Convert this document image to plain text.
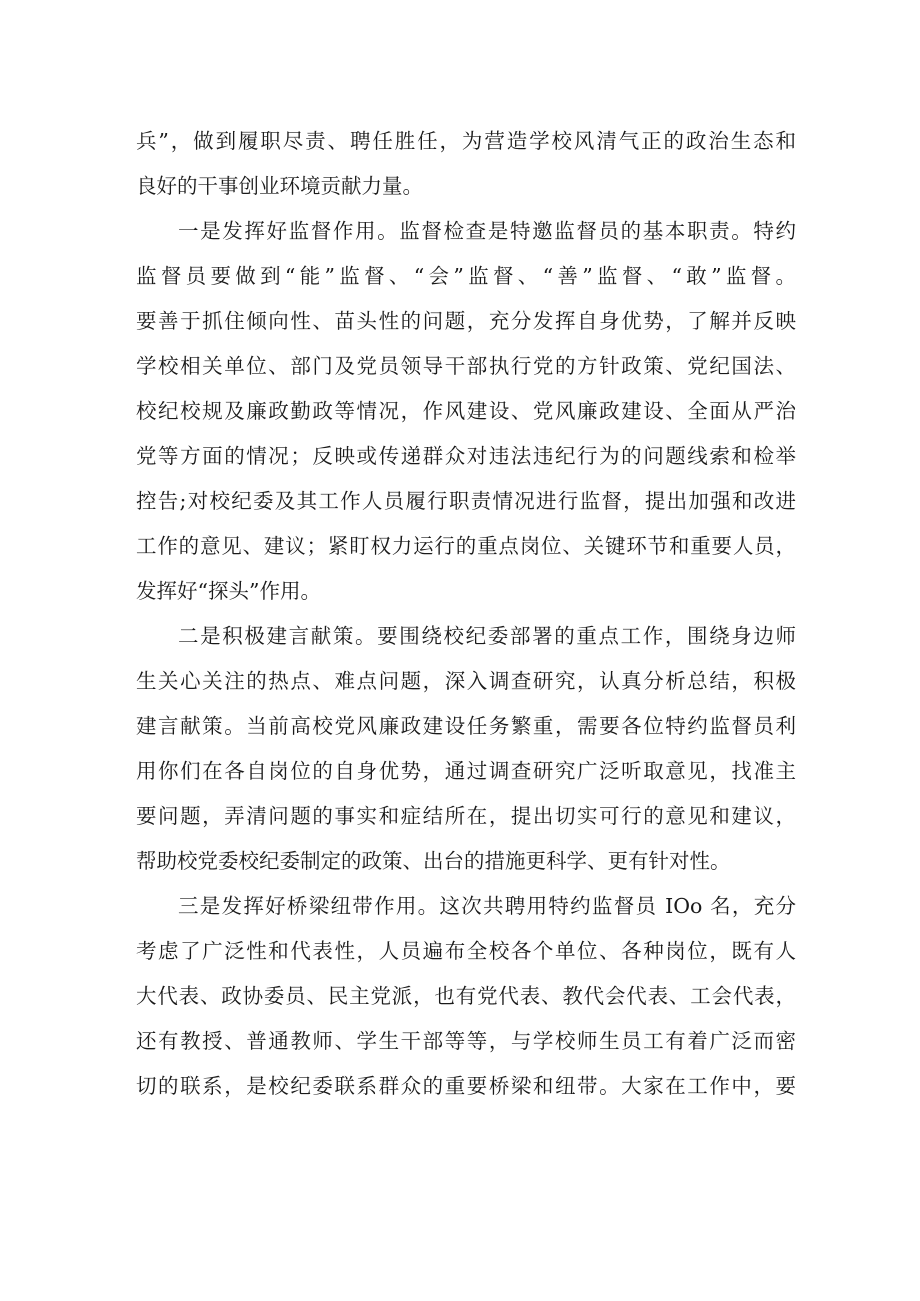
兵”，做到履职尽责、聘任胜任，为营造学校风清气正的政治生态和
良好的干事创业环境贡献力量。
一是发挥好监督作用。监督检查是特邀监督员的基本职责。特约
监督员要做到“能”监督、“会”监督、“善”监督、“敢”监督。
要善于抓住倾向性、苗头性的问题，充分发挥自身优势，了解并反映
学校相关单位、部门及党员领导干部执行党的方针政策、党纪国法、
校纪校规及廉政勤政等情况，作风建设、党风廉政建设、全面从严治
党等方面的情况；反映或传递群众对违法违纪行为的问题线索和检举
控告;对校纪委及其工作人员履行职责情况进行监督，提出加强和改进
工作的意见、建议；紧盯权力运行的重点岗位、关键环节和重要人员，
发挥好“探头”作用。
二是积极建言献策。要围绕校纪委部署的重点工作，围绕身边师
生关心关注的热点、难点问题，深入调查研究，认真分析总结，积极
建言献策。当前高校党风廉政建设任务繁重，需要各位特约监督员利
用你们在各自岗位的自身优势，通过调查研究广泛听取意见，找准主
要问题，弄清问题的事实和症结所在，提出切实可行的意见和建议，
帮助校党委校纪委制定的政策、出台的措施更科学、更有针对性。
三是发挥好桥梁纽带作用。这次共聘用特约监督员 IOo 名，充分
考虑了广泛性和代表性，人员遍布全校各个单位、各种岗位，既有人
大代表、政协委员、民主党派，也有党代表、教代会代表、工会代表，
还有教授、普通教师、学生干部等等，与学校师生员工有着广泛而密
切的联系，是校纪委联系群众的重要桥梁和纽带。大家在工作中，要
